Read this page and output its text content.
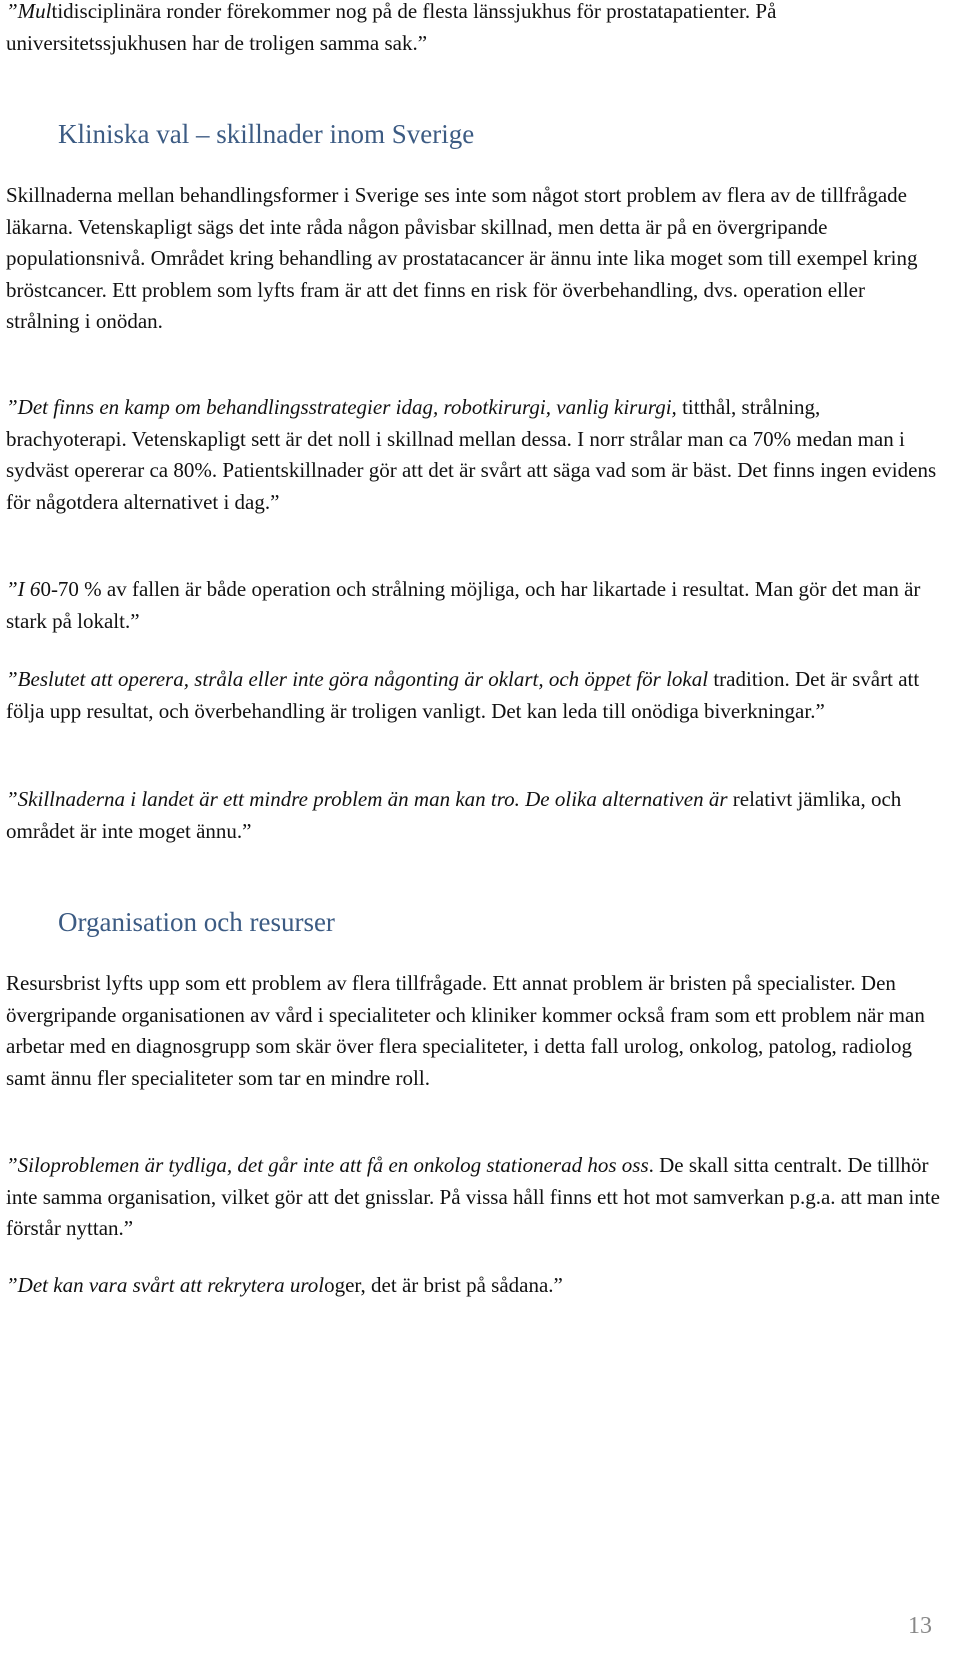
”Multidisciplinära ronder förekommer nog på de flesta länssjukhus för prostatapatienter. På universitetssjukhusen har de troligen samma sak.”

Kliniska val – skillnader inom Sverige

Skillnaderna mellan behandlingsformer i Sverige ses inte som något stort problem av flera av de tillfrågade läkarna. Vetenskapligt sägs det inte råda någon påvisbar skillnad, men detta är på en övergripande populationsnivå. Området kring behandling av prostatacancer är ännu inte lika moget som till exempel kring bröstcancer. Ett problem som lyfts fram är att det finns en risk för överbehandling, dvs. operation eller strålning i onödan.

”Det finns en kamp om behandlingsstrategier idag, robotkirurgi, vanlig kirurgi, titthål, strålning, brachyoterapi. Vetenskapligt sett är det noll i skillnad mellan dessa. I norr strålar man ca 70% medan man i sydväst opererar ca 80%. Patientskillnader gör att det är svårt att säga vad som är bäst. Det finns ingen evidens för någotdera alternativet i dag.”

”I 60-70 % av fallen är både operation och strålning möjliga, och har likartade i resultat. Man gör det man är stark på lokalt.”

”Beslutet att operera, stråla eller inte göra någonting är oklart, och öppet för lokal tradition. Det är svårt att följa upp resultat, och överbehandling är troligen vanligt. Det kan leda till onödiga biverkningar.”

”Skillnaderna i landet är ett mindre problem än man kan tro. De olika alternativen är relativt jämlika, och området är inte moget ännu.”

Organisation och resurser

Resursbrist lyfts upp som ett problem av flera tillfrågade. Ett annat problem är bristen på specialister. Den övergripande organisationen av vård i specialiteter och kliniker kommer också fram som ett problem när man arbetar med en diagnosgrupp som skär över flera specialiteter, i detta fall urolog, onkolog, patolog, radiolog samt ännu fler specialiteter som tar en mindre roll.

”Siloproblemen är tydliga, det går inte att få en onkolog stationerad hos oss. De skall sitta centralt. De tillhör inte samma organisation, vilket gör att det gnisslar. På vissa håll finns ett hot mot samverkan p.g.a. att man inte förstår nyttan.”

”Det kan vara svårt att rekrytera urologer, det är brist på sådana.”

13
